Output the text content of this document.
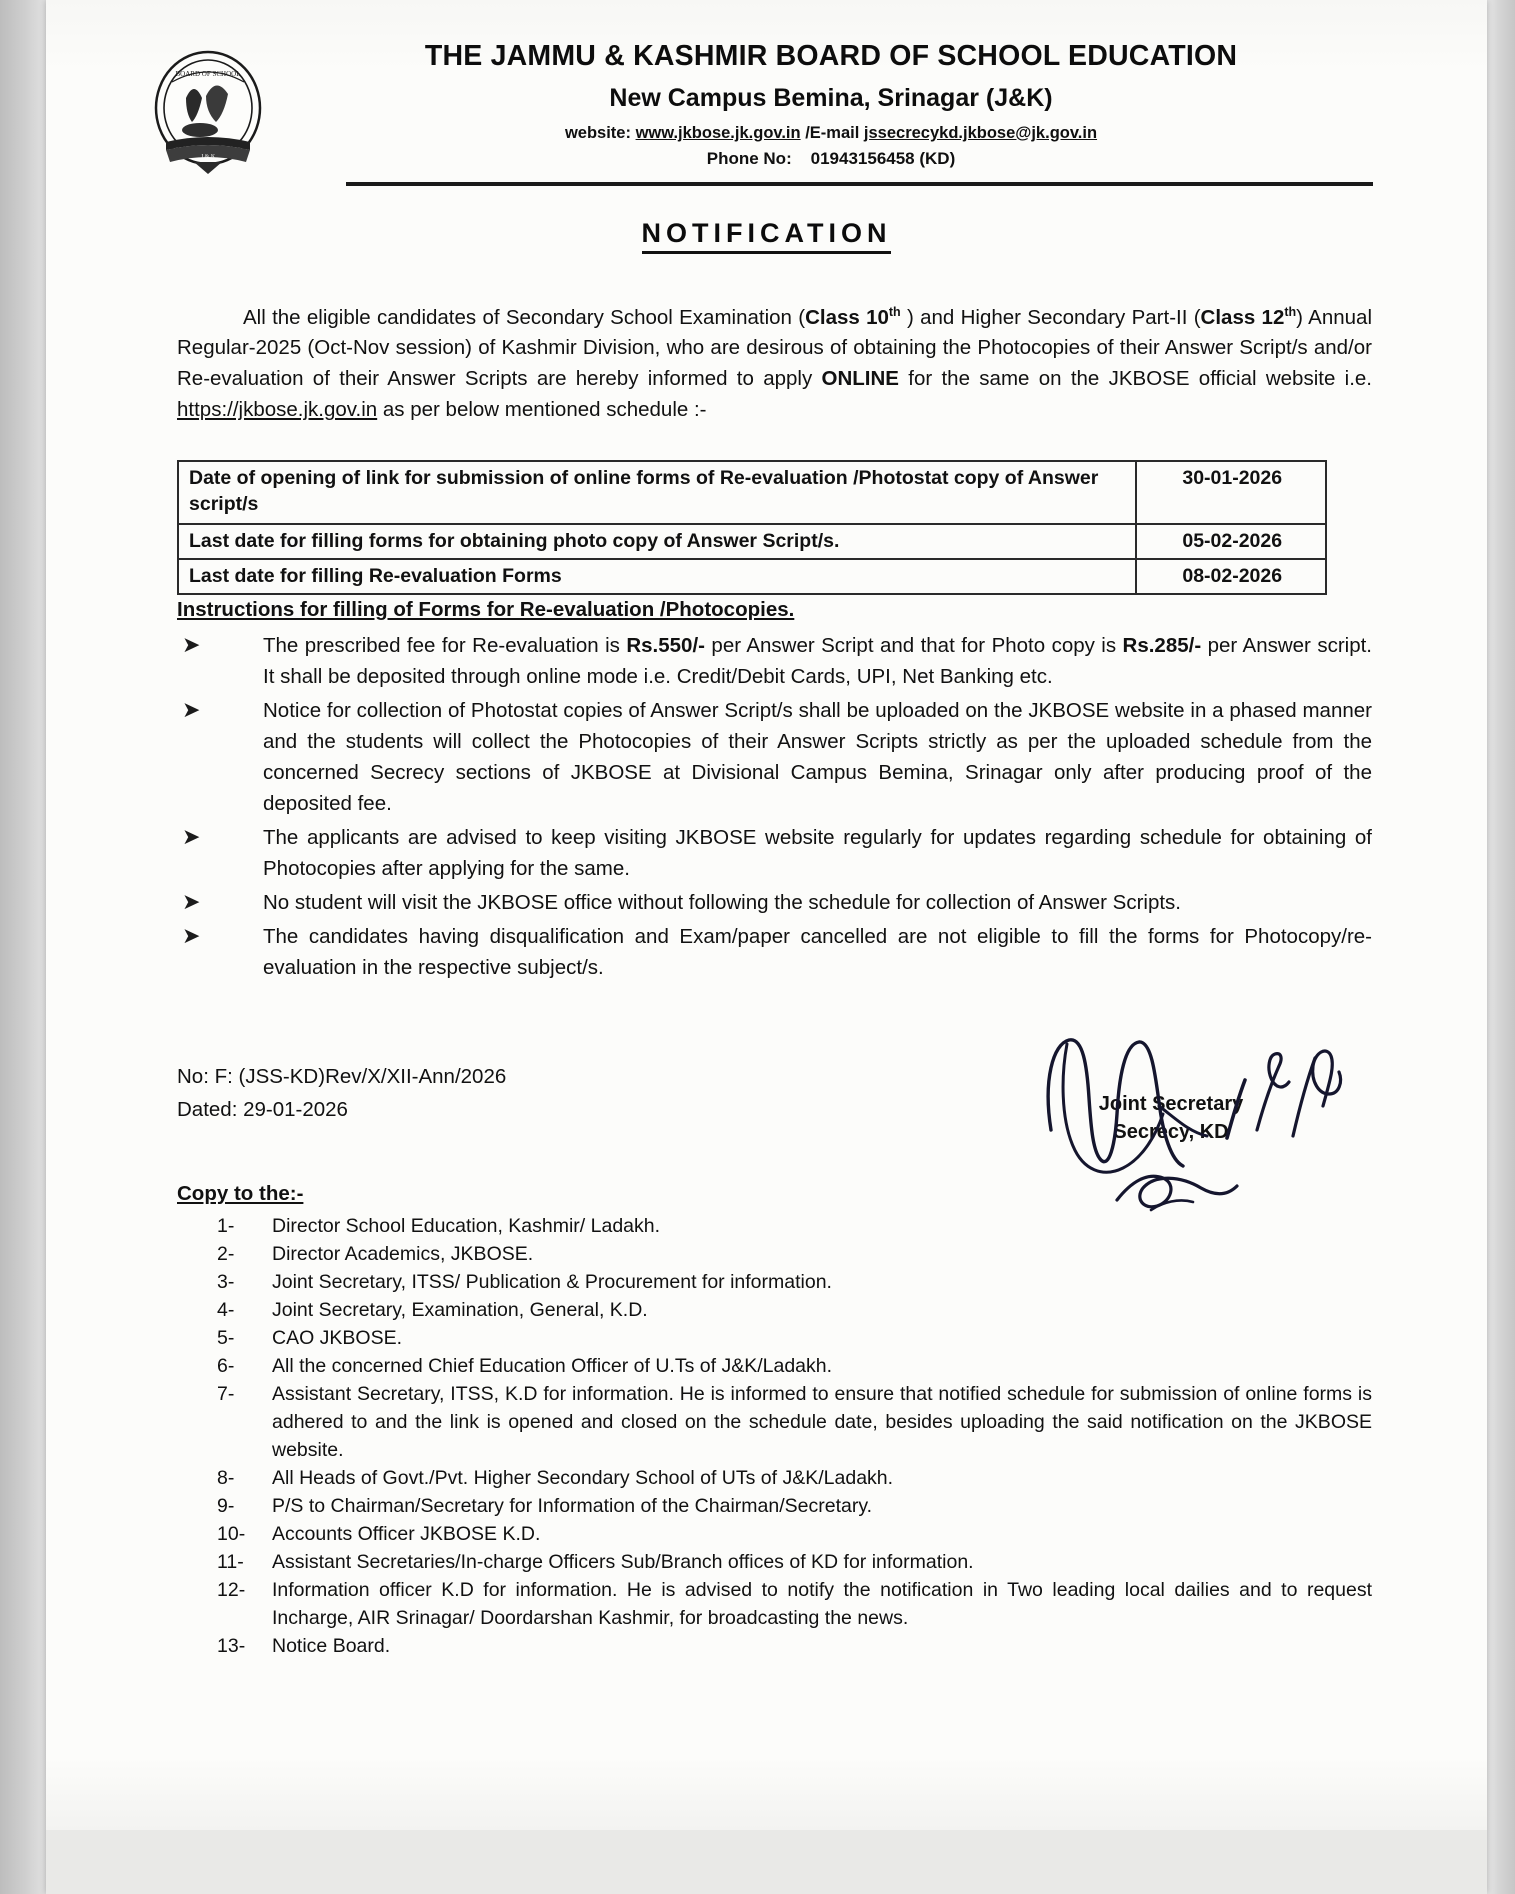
BOARD OF SCHOOL
J & K
THE JAMMU & KASHMIR BOARD OF SCHOOL EDUCATION
New Campus Bemina, Srinagar (J&K)
website: www.jkbose.jk.gov.in /E-mail jssecrecykd.jkbose@jk.gov.in
Phone No: 01943156458 (KD)
NOTIFICATION

All the eligible candidates of Secondary School Examination (Class 10th ) and Higher Secondary Part-II (Class 12th) Annual Regular-2025 (Oct-Nov session) of Kashmir Division, who are desirous of obtaining the Photocopies of their Answer Script/s and/or Re-evaluation of their Answer Scripts are hereby informed to apply ONLINE for the same on the JKBOSE official website i.e. https://jkbose.jk.gov.in as per below mentioned schedule :-

Date of opening of link for submission of online forms of Re-evaluation /Photostat copy of Answer script/s	30-01-2026
Last date for filling forms for obtaining photo copy of Answer Script/s.	05-02-2026
Last date for filling Re-evaluation Forms	08-02-2026
Instructions for filling of Forms for Re-evaluation /Photocopies.
➤	The prescribed fee for Re-evaluation is Rs.550/- per Answer Script and that for Photo copy is Rs.285/- per Answer script. It shall be deposited through online mode i.e. Credit/Debit Cards, UPI, Net Banking etc.
➤	Notice for collection of Photostat copies of Answer Script/s shall be uploaded on the JKBOSE website in a phased manner and the students will collect the Photocopies of their Answer Scripts strictly as per the uploaded schedule from the concerned Secrecy sections of JKBOSE at Divisional Campus Bemina, Srinagar only after producing proof of the deposited fee.
➤	The applicants are advised to keep visiting JKBOSE website regularly for updates regarding schedule for obtaining of Photocopies after applying for the same.
➤	No student will visit the JKBOSE office without following the schedule for collection of Answer Scripts.
➤	The candidates having disqualification and Exam/paper cancelled are not eligible to fill the forms for Photocopy/re-evaluation in the respective subject/s.
No: F: (JSS-KD)Rev/X/XII-Ann/2026
Dated: 29-01-2026	Joint Secretary
Secrecy, KD
Copy to the:-
1-	Director School Education, Kashmir/ Ladakh.
2-	Director Academics, JKBOSE.
3-	Joint Secretary, ITSS/ Publication & Procurement for information.
4-	Joint Secretary, Examination, General, K.D.
5-	CAO JKBOSE.
6-	All the concerned Chief Education Officer of U.Ts of J&K/Ladakh.
7-	Assistant Secretary, ITSS, K.D for information. He is informed to ensure that notified schedule for submission of online forms is adhered to and the link is opened and closed on the schedule date, besides uploading the said notification on the JKBOSE website.
8-	All Heads of Govt./Pvt. Higher Secondary School of UTs of J&K/Ladakh.
9-	P/S to Chairman/Secretary for Information of the Chairman/Secretary.
10-	Accounts Officer JKBOSE K.D.
11-	Assistant Secretaries/In-charge Officers Sub/Branch offices of KD for information.
12-	Information officer K.D for information. He is advised to notify the notification in Two leading local dailies and to request Incharge, AIR Srinagar/ Doordarshan Kashmir, for broadcasting the news.
13-	Notice Board.
